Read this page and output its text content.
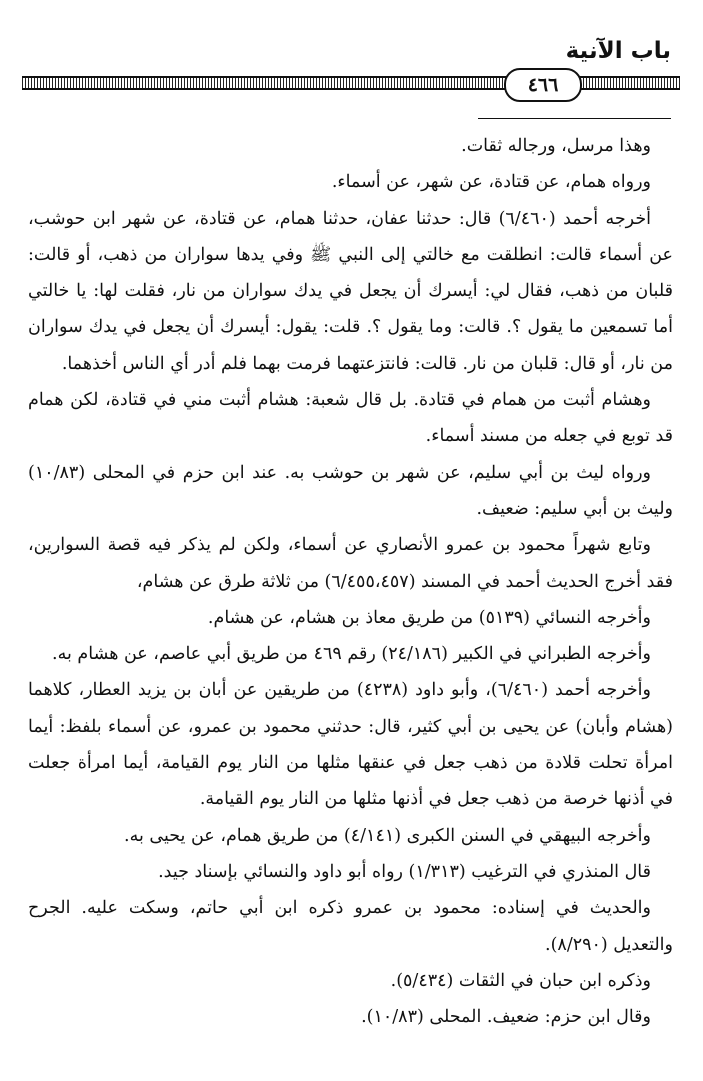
باب الآنية
٤٦٦

وهذا مرسل، ورجاله ثقات.

ورواه همام، عن قتادة، عن شهر، عن أسماء.

أخرجه أحمد (٦/٤٦٠) قال: حدثنا عفان، حدثنا همام، عن قتادة، عن شهر ابن حوشب، عن أسماء قالت: انطلقت مع خالتي إلى النبي ﷺ وفي يدها سواران من ذهب، أو قالت: قلبان من ذهب، فقال لي: أيسرك أن يجعل في يدك سواران من نار، فقلت لها: يا خالتي أما تسمعين ما يقول ؟. قالت: وما يقول ؟. قلت: يقول: أيسرك أن يجعل في يدك سواران من نار، أو قال: قلبان من نار. قالت: فانتزعتهما فرمت بهما فلم أدر أي الناس أخذهما.

وهشام أثبت من همام في قتادة. بل قال شعبة: هشام أثبت مني في قتادة، لكن همام قد توبع في جعله من مسند أسماء.

ورواه ليث بن أبي سليم، عن شهر بن حوشب به. عند ابن حزم في المحلى (١٠/٨٣) وليث بن أبي سليم: ضعيف.

وتابع شهراً محمود بن عمرو الأنصاري عن أسماء، ولكن لم يذكر فيه قصة السوارين، فقد أخرج الحديث أحمد في المسند (٦/٤٥٥،٤٥٧) من ثلاثة طرق عن هشام،

وأخرجه النسائي (٥١٣٩) من طريق معاذ بن هشام، عن هشام.

وأخرجه الطبراني في الكبير (٢٤/١٨٦) رقم ٤٦٩ من طريق أبي عاصم، عن هشام به.

وأخرجه أحمد (٦/٤٦٠)، وأبو داود (٤٢٣٨) من طريقين عن أبان بن يزيد العطار، كلاهما (هشام وأبان) عن يحيى بن أبي كثير، قال: حدثني محمود بن عمرو، عن أسماء بلفظ: أيما امرأة تحلت قلادة من ذهب جعل في عنقها مثلها من النار يوم القيامة، أيما امرأة جعلت في أذنها خرصة من ذهب جعل في أذنها مثلها من النار يوم القيامة.

وأخرجه البيهقي في السنن الكبرى (٤/١٤١) من طريق همام، عن يحيى به.

قال المنذري في الترغيب (١/٣١٣) رواه أبو داود والنسائي بإسناد جيد.

والحديث في إسناده: محمود بن عمرو ذكره ابن أبي حاتم، وسكت عليه. الجرح والتعديل (٨/٢٩٠).

وذكره ابن حبان في الثقات (٥/٤٣٤).

وقال ابن حزم: ضعيف. المحلى (١٠/٨٣).
